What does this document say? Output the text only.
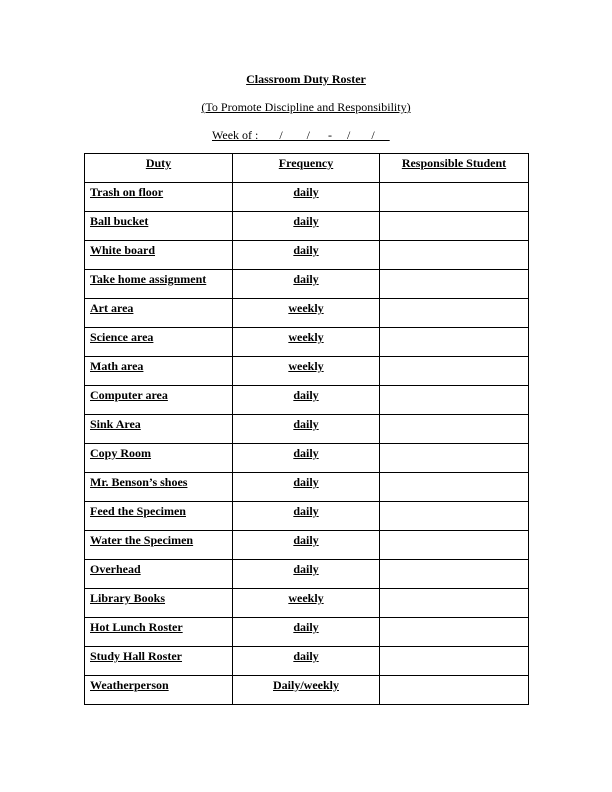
Classroom Duty Roster
(To Promote Discipline and Responsibility)
Week of :       /        /      -     /       /
Duty	Frequency	Responsible Student
Trash on floor	daily	
Ball bucket	daily	
White board	daily	
Take home assignment	daily	
Art area	weekly	
Science area	weekly	
Math area	weekly	
Computer area	daily	
Sink Area	daily	
Copy Room	daily	
Mr. Benson’s shoes	daily	
Feed the Specimen	daily	
Water the Specimen	daily	
Overhead	daily	
Library Books	weekly	
Hot Lunch Roster	daily	
Study Hall Roster	daily	
Weatherperson	Daily/weekly	
